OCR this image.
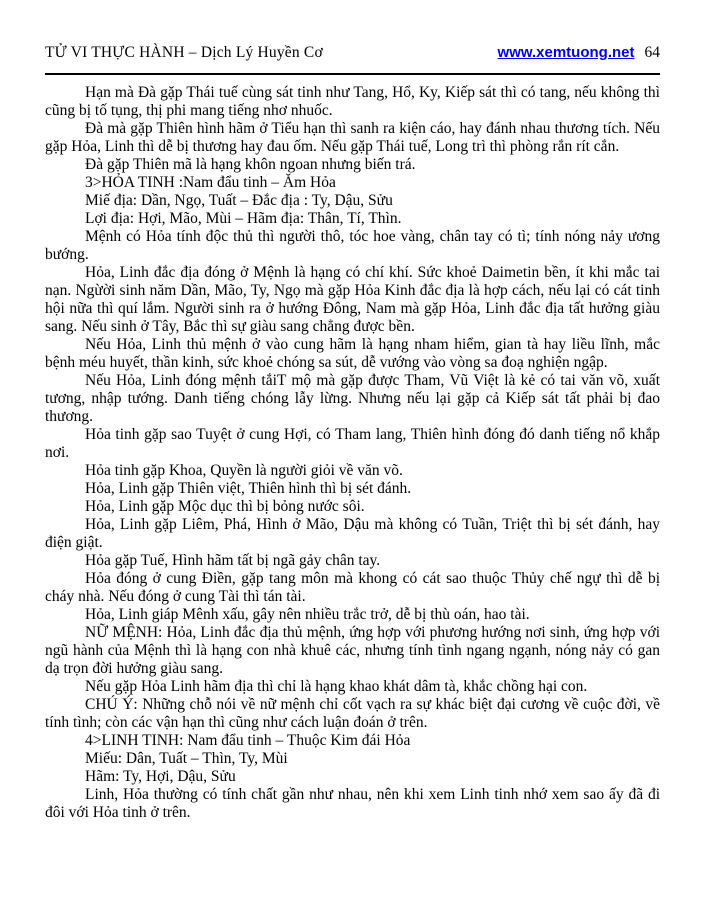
TỬ VI THỰC HÀNH – Dịch Lý Huyền Cơ	www.xemtuong.net 64

Hạn mà Đà gặp Thái tuế cùng sát tinh như Tang, Hổ, Ky, Kiếp sát thì có tang, nếu không thì cũng bị tố tụng, thị phi mang tiếng nhơ nhuốc.

Đà mà gặp Thiên hình hãm ở Tiểu hạn thì sanh ra kiện cáo, hay đánh nhau thương tích. Nếu gặp Hỏa, Linh thì dễ bị thương hay đau ốm. Nếu gặp Thái tuế, Long trì thì phòng rắn rít cắn.

Đà gặp Thiên mã là hạng khôn ngoan nhưng biến trá.

3>HỎA TINH :Nam đẩu tinh – Ăm Hỏa

Miế địa: Dần, Ngọ, Tuất – Đắc địa : Ty, Dậu, Sửu

Lợi địa: Hợi, Mão, Mùi – Hãm địa: Thân, Tí, Thìn.

Mệnh có Hỏa tính độc thủ thì người thô, tóc hoe vàng, chân tay có tì; tính nóng nảy ương bướng.

Hỏa, Linh đắc địa đóng ở Mệnh là hạng có chí khí. Sức khoẻ Daimetin bền, ít khi mắc tai nạn. Ngừời sinh năm Dần, Mão, Ty, Ngọ mà gặp Hỏa Kinh đắc địa là hợp cách, nếu lại có cát tinh hội nữa thì quí lắm. Người sinh ra ở hướng Đông, Nam mà gặp Hỏa, Linh đắc địa tất hưởng giàu sang. Nếu sinh ở Tây, Bắc thì sự giàu sang chẳng được bền.

Nếu Hỏa, Linh thủ mệnh ở vào cung hãm là hạng nham hiểm, gian tà hay liều lĩnh, mắc bệnh méu huyết, thần kinh, sức khoẻ chóng sa sút, dễ vướng vào vòng sa đoạ nghiện ngập.

Nếu Hỏa, Linh đóng mệnh tắiT mộ mà gặp được Tham, Vũ Việt là kẻ có tai văn võ, xuất tương, nhập tướng. Danh tiếng chóng lẫy lừng. Nhưng nếu lại gặp cả Kiếp sát tất phải bị đao thương.

Hỏa tinh gặp sao Tuyệt ở cung Hợi, có Tham lang, Thiên hình đóng đó danh tiếng nổ khắp nơi.

Hỏa tinh gặp Khoa, Quyền là người giỏi về văn võ.

Hỏa, Linh gặp Thiên việt, Thiên hình thì bị sét đánh.

Hỏa, Linh gặp Mộc dục thì bị bỏng nước sôi.

Hỏa, Linh gặp Liêm, Phá, Hình ở Mão, Dậu mà không có Tuần, Triệt thì bị sét đánh, hay điện giật.

Hỏa gặp Tuế, Hình hãm tất bị ngã gảy chân tay.

Hỏa đóng ở cung Điền, gặp tang môn mà khong có cát sao thuộc Thủy chế ngự thì dễ bị cháy nhà. Nếu đóng ở cung Tài thì tán tài.

Hỏa, Linh giáp Mênh xấu, gây nên nhiều trắc trở, dễ bị thù oán, hao tài.

NỮ MỆNH: Hỏa, Linh đắc địa thủ mệnh, ứng hợp với phương hướng nơi sinh, ứng hợp với ngũ hành của Mệnh thì là hạng con nhà khuê các, nhưng tính tình ngang ngạnh, nóng nảy có gan dạ trọn đời hưởng giàu sang.

Nếu gặp Hỏa Linh hãm địa thì chỉ là hạng khao khát dâm tà, khắc chồng hại con.

CHÚ Ý: Những chỗ nói về nữ mệnh chỉ cốt vạch ra sự khác biệt đại cương về cuộc đời, về tính tình; còn các vận hạn thì cũng như cách luận đoán ở trên.

4>LINH TINH: Nam đẩu tinh – Thuộc Kim đái Hỏa

Miếu: Dân, Tuất – Thìn, Ty, Mùi

Hãm: Ty, Hợi, Dậu, Sửu

Linh, Hỏa thường có tính chất gần như nhau, nên khi xem Linh tinh nhớ xem sao ấy đã đi đôi với Hỏa tinh ở trên.
